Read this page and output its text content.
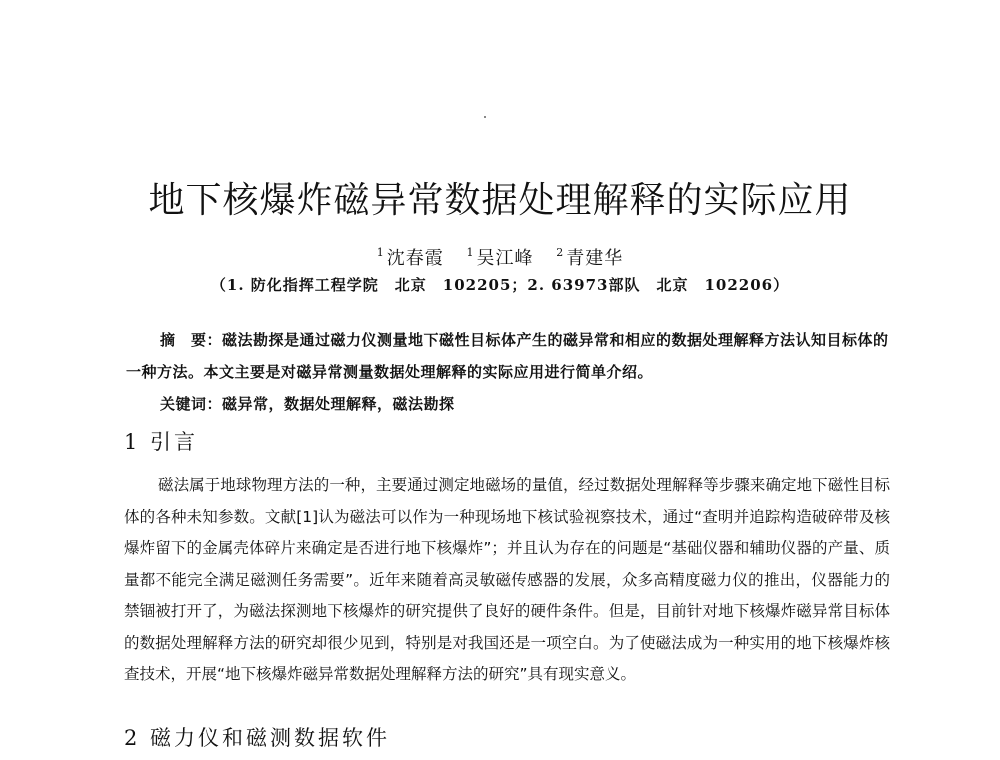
地下核爆炸磁异常数据处理解释的实际应用
$^1$ 沈春霞 $^1$ 吴江峰 $^2$ 青建华
（1. 防化指挥工程学院　北京　102205；2. 63973部队　北京　102206）

摘　要：磁法勘探是通过磁力仪测量地下磁性目标体产生的磁异常和相应的数据处理解释方法认知目标体的一种方法。本文主要是对磁异常测量数据处理解释的实际应用进行简单介绍。

关键词：磁异常，数据处理解释，磁法勘探

1 引言

磁法属于地球物理方法的一种，主要通过测定地磁场的量值，经过数据处理解释等步骤来确定地下磁性目标体的各种未知参数。文献[1]认为磁法可以作为一种现场地下核试验视察技术，通过“查明并追踪构造破碎带及核爆炸留下的金属壳体碎片来确定是否进行地下核爆炸”；并且认为存在的问题是“基础仪器和辅助仪器的产量、质量都不能完全满足磁测任务需要”。近年来随着高灵敏磁传感器的发展，众多高精度磁力仪的推出，仪器能力的禁锢被打开了，为磁法探测地下核爆炸的研究提供了良好的硬件条件。但是，目前针对地下核爆炸磁异常目标体的数据处理解释方法的研究却很少见到，特别是对我国还是一项空白。为了使磁法成为一种实用的地下核爆炸核查技术，开展“地下核爆炸磁异常数据处理解释方法的研究”具有现实意义。

2 磁力仪和磁测数据软件
